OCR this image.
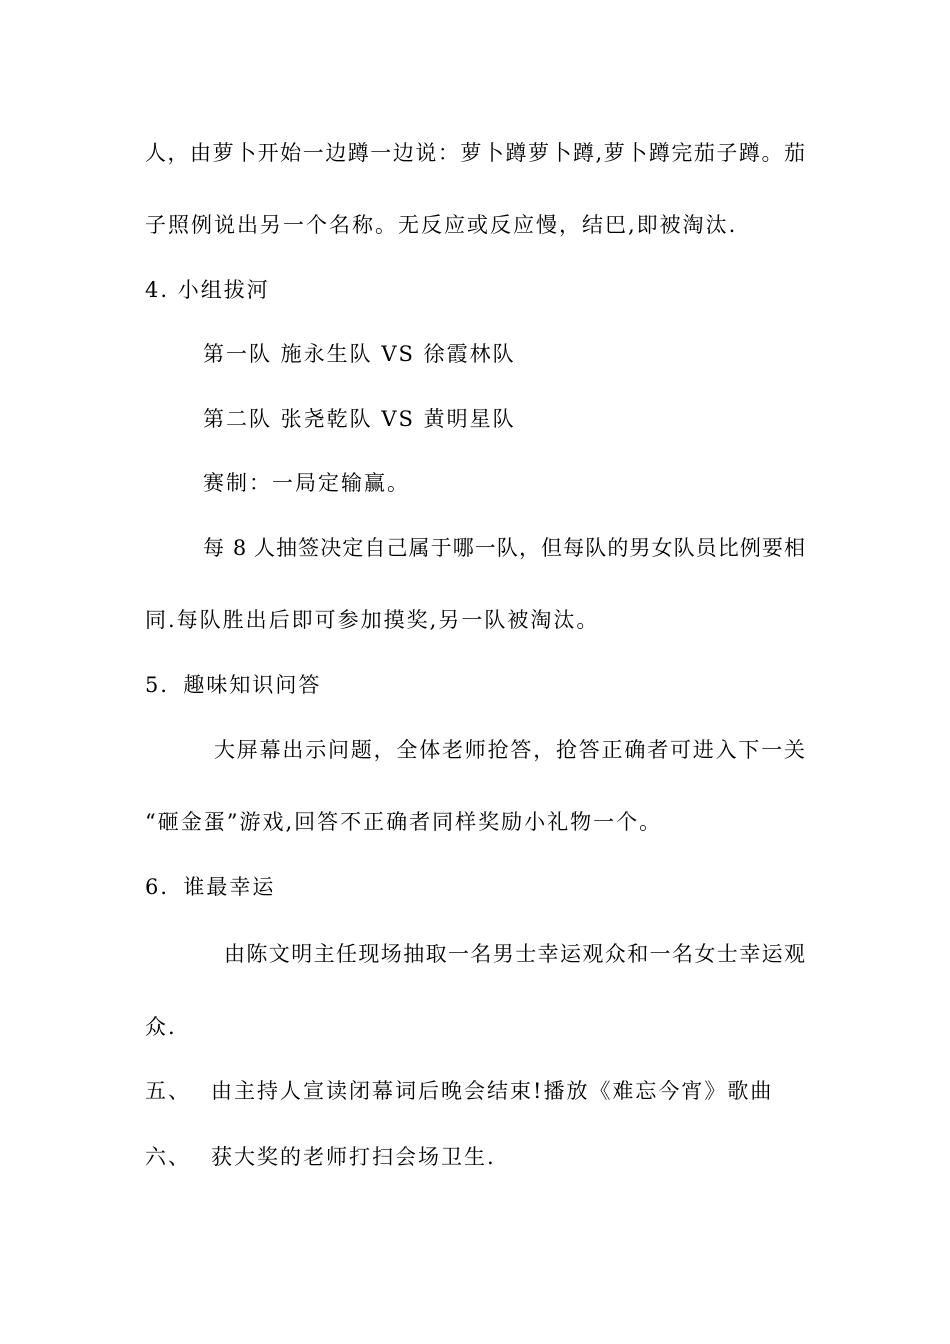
人，由萝卜开始一边蹲一边说：萝卜蹲萝卜蹲,萝卜蹲完茄子蹲。茄
子照例说出另一个名称。无反应或反应慢，结巴,即被淘汰.
4. 小组拔河
第一队 施永生队 VS 徐霞林队
第二队 张尧乾队 VS 黄明星队
赛制：一局定输赢。
每 8 人抽签决定自己属于哪一队，但每队的男女队员比例要相
同.每队胜出后即可参加摸奖,另一队被淘汰。
5．趣味知识问答
大屏幕出示问题，全体老师抢答，抢答正确者可进入下一关
“砸金蛋”游戏,回答不正确者同样奖励小礼物一个。
6．谁最幸运
由陈文明主任现场抽取一名男士幸运观众和一名女士幸运观
众.
五、 由主持人宣读闭幕词后晚会结束!播放《难忘今宵》歌曲
六、 获大奖的老师打扫会场卫生.
